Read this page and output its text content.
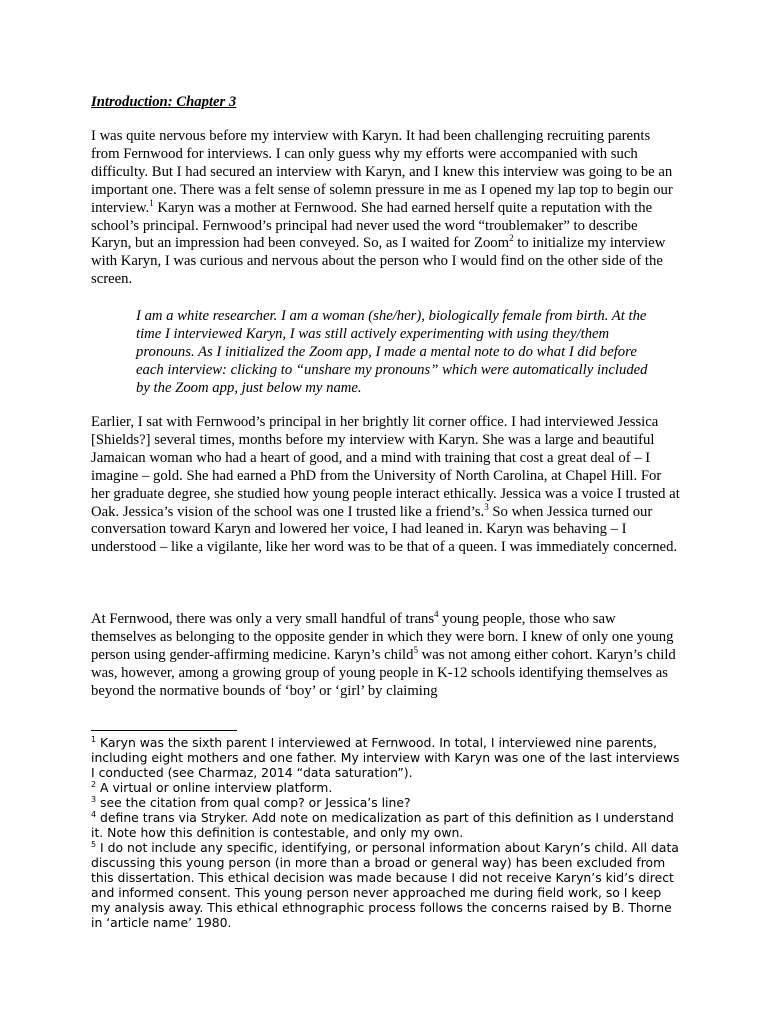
Introduction: Chapter 3
I was quite nervous before my interview with Karyn. It had been challenging recruiting parents from Fernwood for interviews. I can only guess why my efforts were accompanied with such difficulty. But I had secured an interview with Karyn, and I knew this interview was going to be an important one. There was a felt sense of solemn pressure in me as I opened my lap top to begin our interview.$^1$ Karyn was a mother at Fernwood. She had earned herself quite a reputation with the school’s principal. Fernwood’s principal had never used the word “troublemaker” to describe Karyn, but an impression had been conveyed. So, as I waited for Zoom$^2$ to initialize my interview with Karyn, I was curious and nervous about the person who I would find on the other side of the screen.
I am a white researcher. I am a woman (she/her), biologically female from birth. At the time I interviewed Karyn, I was still actively experimenting with using they/them pronouns. As I initialized the Zoom app, I made a mental note to do what I did before each interview: clicking to “unshare my pronouns” which were automatically included by the Zoom app, just below my name.
Earlier, I sat with Fernwood’s principal in her brightly lit corner office. I had interviewed Jessica [Shields?] several times, months before my interview with Karyn. She was a large and beautiful Jamaican woman who had a heart of good, and a mind with training that cost a great deal of – I imagine – gold. She had earned a PhD from the University of North Carolina, at Chapel Hill. For her graduate degree, she studied how young people interact ethically. Jessica was a voice I trusted at Oak. Jessica’s vision of the school was one I trusted like a friend’s.$^3$ So when Jessica turned our conversation toward Karyn and lowered her voice, I had leaned in. Karyn was behaving – I understood – like a vigilante, like her word was to be that of a queen. I was immediately concerned.
At Fernwood, there was only a very small handful of trans$^4$ young people, those who saw themselves as belonging to the opposite gender in which they were born. I knew of only one young person using gender-affirming medicine. Karyn’s child$^5$ was not among either cohort. Karyn’s child was, however, among a growing group of young people in K-12 schools identifying themselves as beyond the normative bounds of ‘boy’ or ‘girl’ by claiming

$^1$ Karyn was the sixth parent I interviewed at Fernwood. In total, I interviewed nine parents, including eight mothers and one father. My interview with Karyn was one of the last interviews I conducted (see Charmaz, 2014 “data saturation”).

$^2$ A virtual or online interview platform.

$^3$ see the citation from qual comp? or Jessica’s line?

$^4$ define trans via Stryker. Add note on medicalization as part of this definition as I understand it. Note how this definition is contestable, and only my own.

$^5$ I do not include any specific, identifying, or personal information about Karyn’s child. All data discussing this young person (in more than a broad or general way) has been excluded from this dissertation. This ethical decision was made because I did not receive Karyn’s kid’s direct and informed consent. This young person never approached me during field work, so I keep my analysis away. This ethical ethnographic process follows the concerns raised by B. Thorne in ‘article name’ 1980.
